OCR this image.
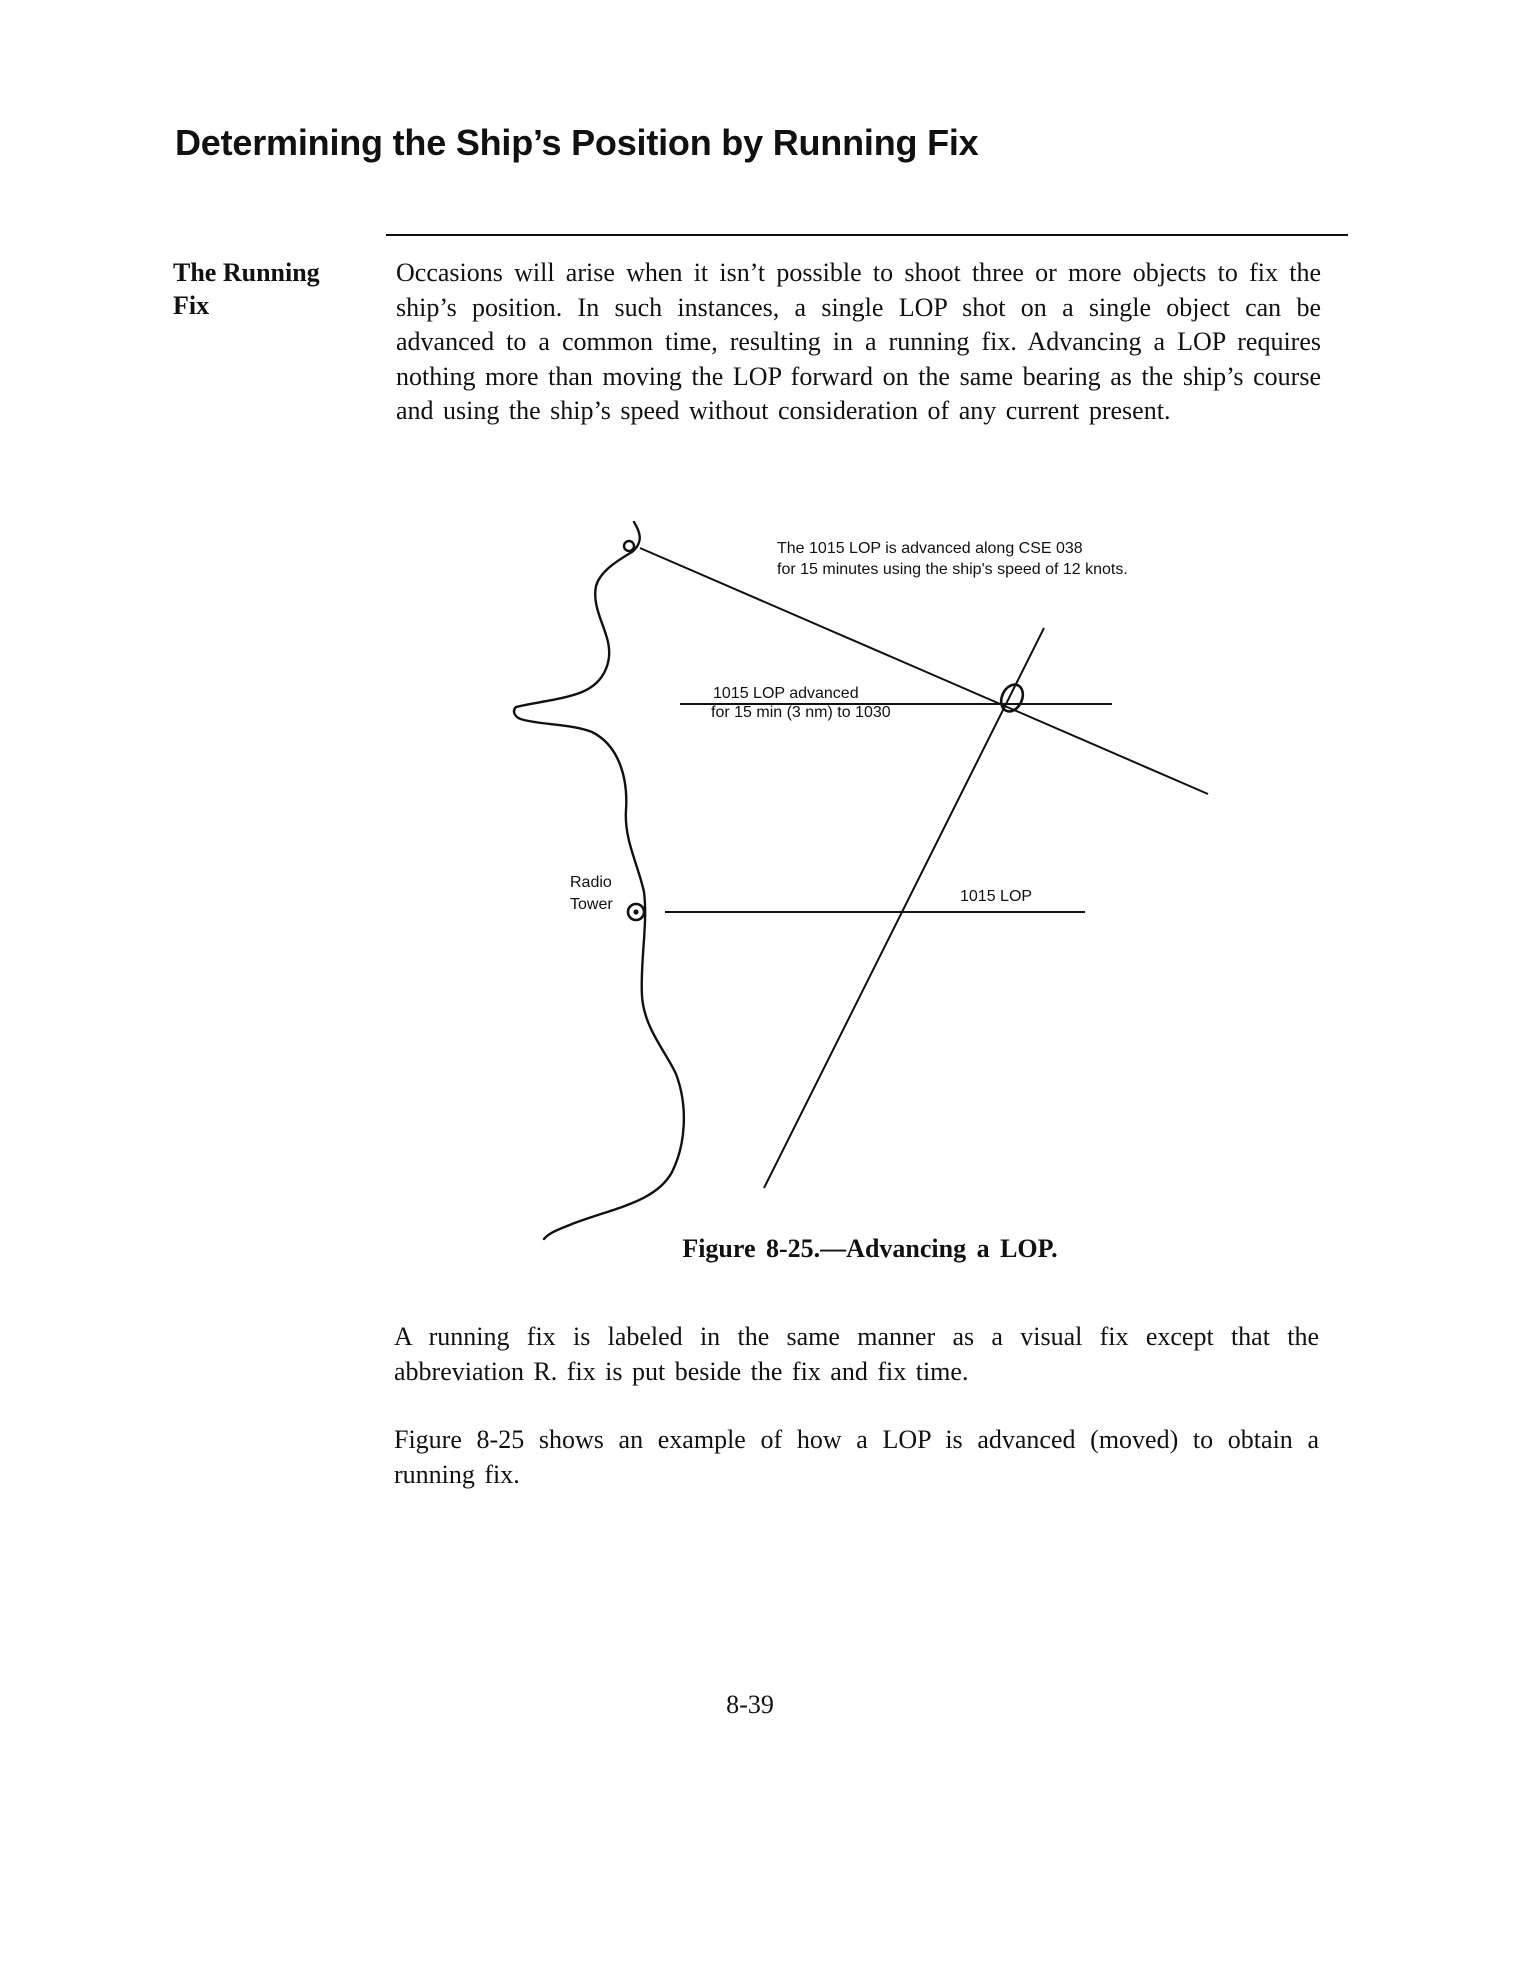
Determining the Ship’s Position by Running Fix
The Running
Fix

Occasions will arise when it isn’t possible to shoot three or more objects to fix the ship’s position. In such instances, a single LOP shot on a single object can be advanced to a common time, resulting in a running fix. Advancing a LOP requires nothing more than moving the LOP forward on the same bearing as the ship’s course and using the ship’s speed without consideration of any current present.

The 1015 LOP is advanced along CSE 038
for 15 minutes using the ship's speed of 12 knots.
1015 LOP advanced
for 15 min (3 nm) to 1030
Radio
Tower	1015 LOP
Figure 8-25.—Advancing a LOP.

A running fix is labeled in the same manner as a visual fix except that the abbreviation R. fix is put beside the fix and fix time.

Figure 8-25 shows an example of how a LOP is advanced (moved) to obtain a running fix.

8-39
